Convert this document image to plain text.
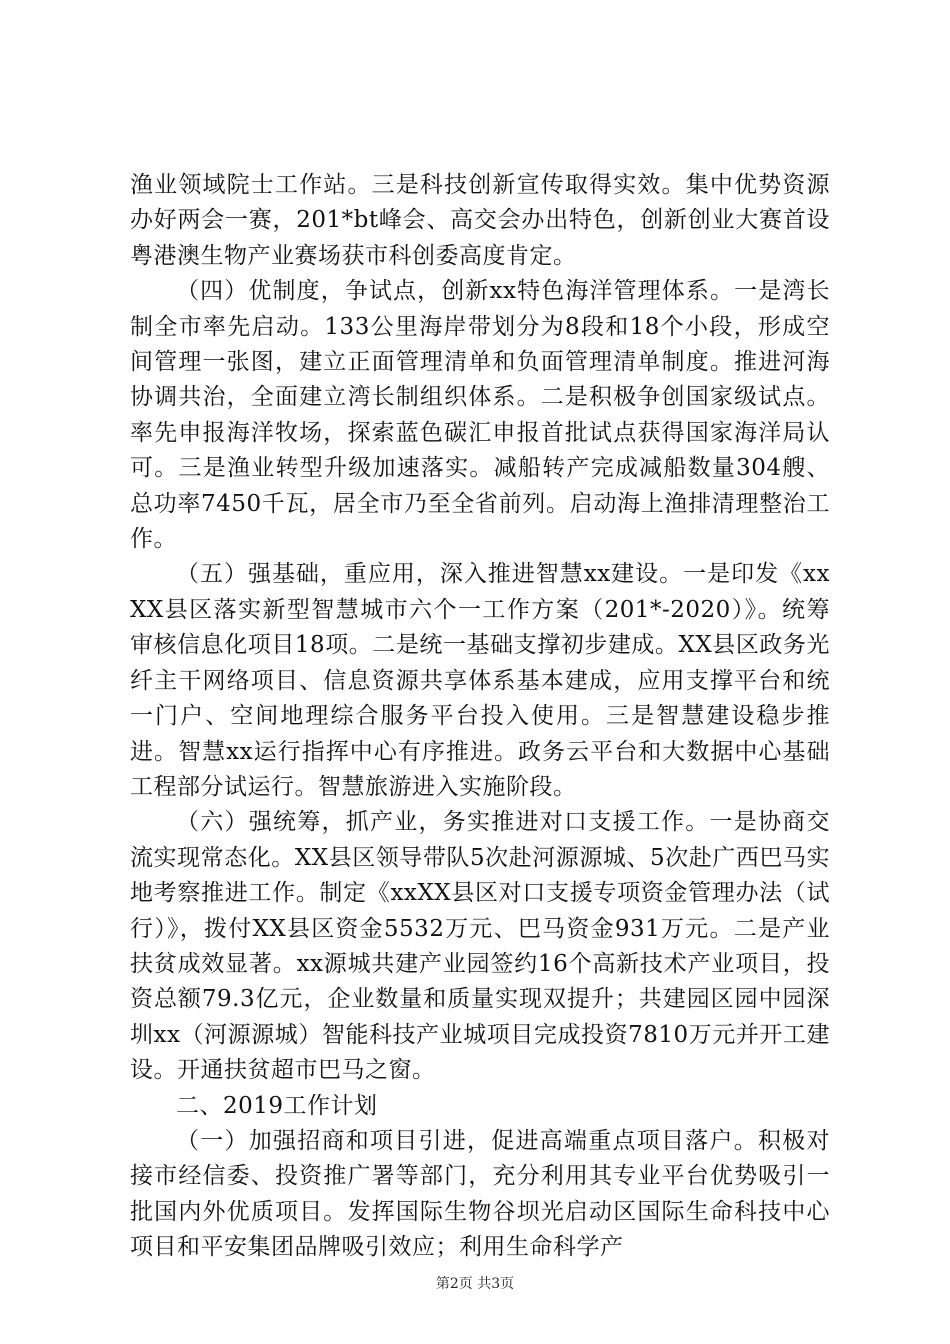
渔业领域院士工作站。三是科技创新宣传取得实效。集中优势资源办好两会一赛，201*bt峰会、高交会办出特色，创新创业大赛首设粤港澳生物产业赛场获市科创委高度肯定。

（四）优制度，争试点，创新xx特色海洋管理体系。一是湾长制全市率先启动。133公里海岸带划分为8段和18个小段，形成空间管理一张图，建立正面管理清单和负面管理清单制度。推进河海协调共治，全面建立湾长制组织体系。二是积极争创国家级试点。率先申报海洋牧场，探索蓝色碳汇申报首批试点获得国家海洋局认可。三是渔业转型升级加速落实。减船转产完成减船数量304艘、总功率7450千瓦，居全市乃至全省前列。启动海上渔排清理整治工作。

（五）强基础，重应用，深入推进智慧xx建设。一是印发《xxXX县区落实新型智慧城市六个一工作方案（201*-2020）》。统筹审核信息化项目18项。二是统一基础支撑初步建成。XX县区政务光纤主干网络项目、信息资源共享体系基本建成，应用支撑平台和统一门户、空间地理综合服务平台投入使用。三是智慧建设稳步推进。智慧xx运行指挥中心有序推进。政务云平台和大数据中心基础工程部分试运行。智慧旅游进入实施阶段。

（六）强统筹，抓产业，务实推进对口支援工作。一是协商交流实现常态化。XX县区领导带队5次赴河源源城、5次赴广西巴马实地考察推进工作。制定《xxXX县区对口支援专项资金管理办法（试行）》，拨付XX县区资金5532万元、巴马资金931万元。二是产业扶贫成效显著。xx源城共建产业园签约16个高新技术产业项目，投资总额79.3亿元，企业数量和质量实现双提升；共建园区园中园深圳xx（河源源城）智能科技产业城项目完成投资7810万元并开工建设。开通扶贫超市巴马之窗。

二、2019工作计划

（一）加强招商和项目引进，促进高端重点项目落户。积极对接市经信委、投资推广署等部门，充分利用其专业平台优势吸引一批国内外优质项目。发挥国际生物谷坝光启动区国际生命科技中心项目和平安集团品牌吸引效应；利用生命科学产

第2页 共3页
